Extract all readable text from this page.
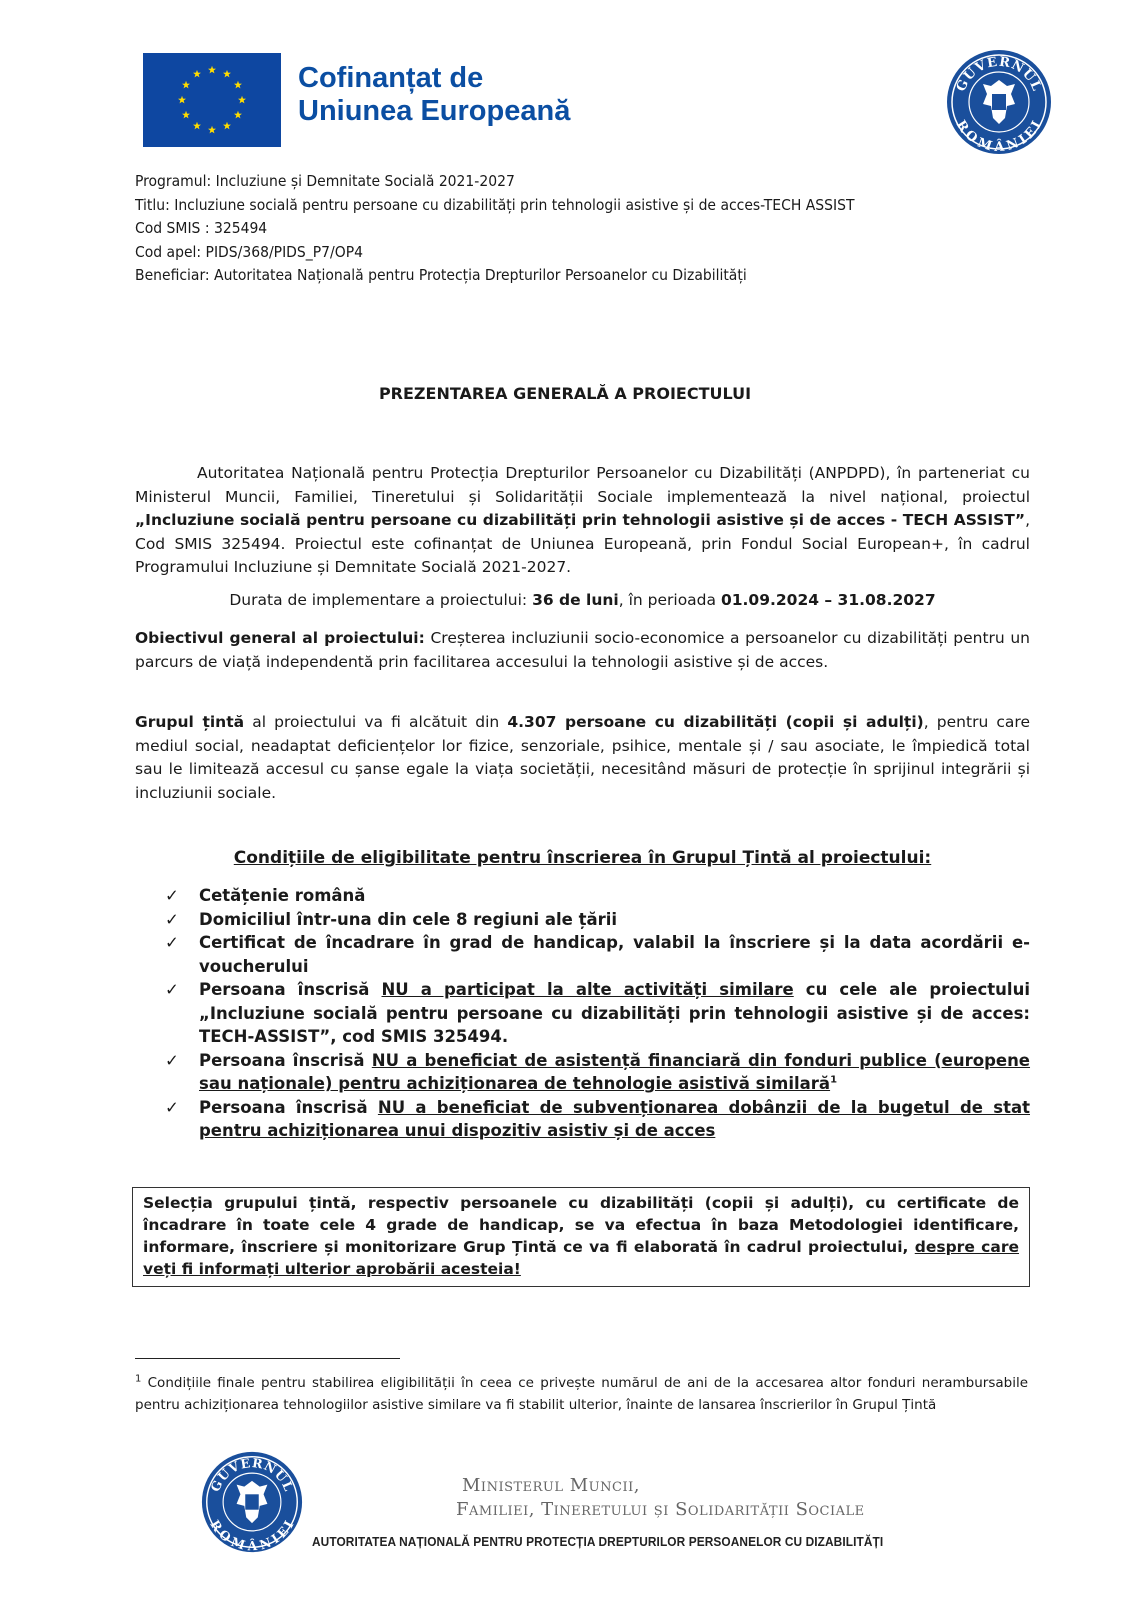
Cofinanțat de
Uniunea Europeană
GUVERNUL
ROMÂNIEI
Programul: Incluziune și Demnitate Socială 2021-2027
Titlu: Incluziune socială pentru persoane cu dizabilități prin tehnologii asistive și de acces-TECH ASSIST
Cod SMIS : 325494
Cod apel: PIDS/368/PIDS_P7/OP4
Beneficiar: Autoritatea Națională pentru Protecția Drepturilor Persoanelor cu Dizabilități
PREZENTAREA GENERALĂ A PROIECTULUI
Autoritatea Națională pentru Protecția Drepturilor Persoanelor cu Dizabilități (ANPDPD), în parteneriat cu Ministerul Muncii, Familiei, Tineretului și Solidarității Sociale implementează la nivel național, proiectul „Incluziune socială pentru persoane cu dizabilități prin tehnologii asistive și de acces - TECH ASSIST”, Cod SMIS 325494. Proiectul este cofinanțat de Uniunea Europeană, prin Fondul Social European+, în cadrul Programului Incluziune și Demnitate Socială 2021-2027.
Durata de implementare a proiectului: 36 de luni, în perioada 01.09.2024 – 31.08.2027
Obiectivul general al proiectului: Creșterea incluziunii socio-economice a persoanelor cu dizabilități pentru un parcurs de viață independentă prin facilitarea accesului la tehnologii asistive și de acces.
Grupul țintă al proiectului va fi alcătuit din 4.307 persoane cu dizabilități (copii și adulți), pentru care mediul social, neadaptat deficiențelor lor fizice, senzoriale, psihice, mentale și / sau asociate, le împiedică total sau le limitează accesul cu șanse egale la viața societății, necesitând măsuri de protecție în sprijinul integrării și incluziunii sociale.
Condițiile de eligibilitate pentru înscrierea în Grupul Țintă al proiectului:
✓ Cetățenie română
✓ Domiciliul într-una din cele 8 regiuni ale țării
✓ Certificat de încadrare în grad de handicap, valabil la înscriere și la data acordării e-voucherului
✓ Persoana înscrisă NU a participat la alte activități similare cu cele ale proiectului „Incluziune socială pentru persoane cu dizabilități prin tehnologii asistive și de acces: TECH-ASSIST”, cod SMIS 325494.
✓ Persoana înscrisă NU a beneficiat de asistență financiară din fonduri publice (europene sau naționale) pentru achiziționarea de tehnologie asistivă similară$^1$
✓ Persoana înscrisă NU a beneficiat de subvenționarea dobânzii de la bugetul de stat pentru achiziționarea unui dispozitiv asistiv și de acces
Selecția grupului țintă, respectiv persoanele cu dizabilități (copii și adulți), cu certificate de încadrare în toate cele 4 grade de handicap, se va efectua în baza Metodologiei identificare, informare, înscriere și monitorizare Grup Țintă ce va fi elaborată în cadrul proiectului, despre care veți fi informați ulterior aprobării acesteia!
$^1$ Condițiile finale pentru stabilirea eligibilității în ceea ce privește numărul de ani de la accesarea altor fonduri nerambursabile pentru achiziționarea tehnologiilor asistive similare va fi stabilit ulterior, înainte de lansarea înscrierilor în Grupul Țintă
GUVERNUL
ROMÂNIEI
Ministerul Muncii,
Familiei, Tineretului și Solidarității Sociale
AUTORITATEA NAȚIONALĂ PENTRU PROTECȚIA DREPTURILOR PERSOANELOR CU DIZABILITĂȚI
